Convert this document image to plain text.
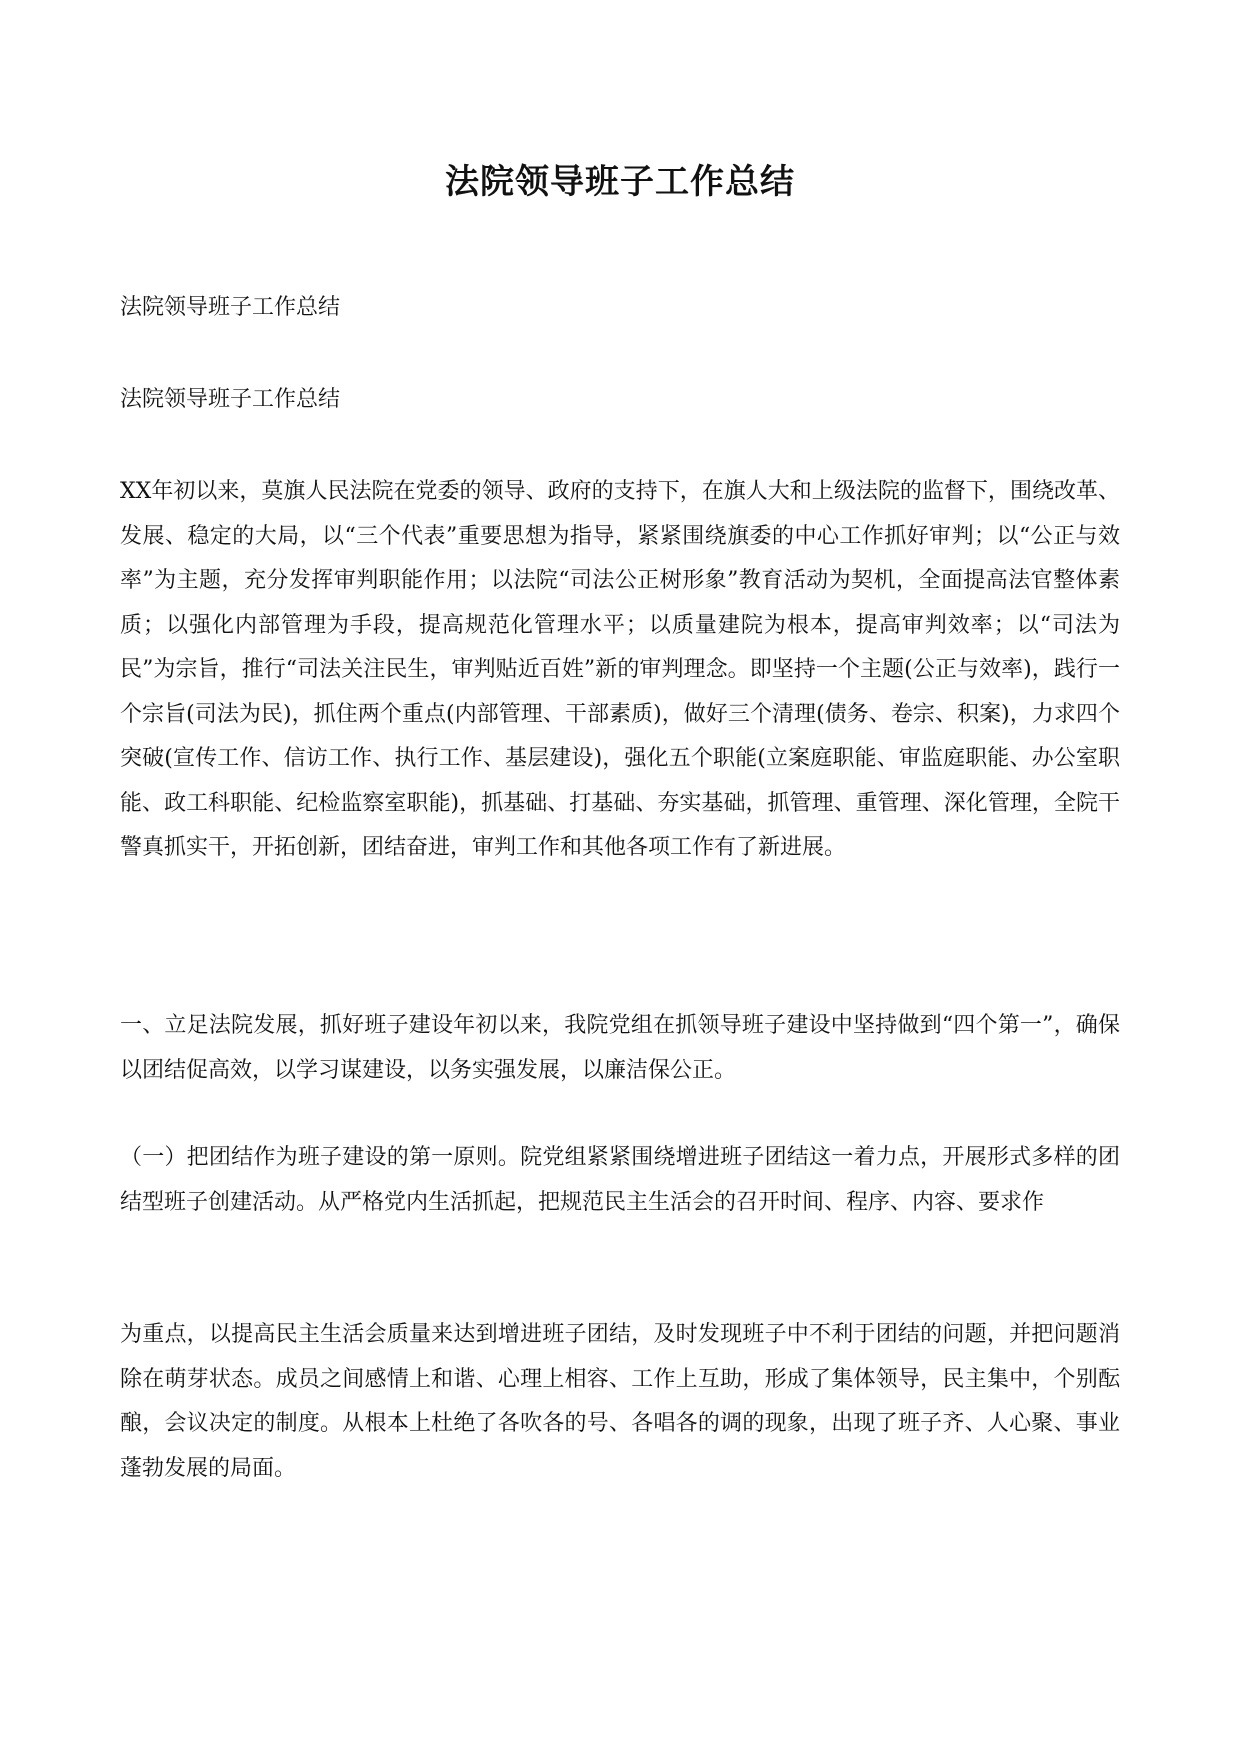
法院领导班子工作总结

法院领导班子工作总结

法院领导班子工作总结

XX年初以来，莫旗人民法院在党委的领导、政府的支持下，在旗人大和上级法院的监督下，围绕改革、发展、稳定的大局，以“三个代表”重要思想为指导，紧紧围绕旗委的中心工作抓好审判；以“公正与效率”为主题，充分发挥审判职能作用；以法院“司法公正树形象”教育活动为契机，全面提高法官整体素质；以强化内部管理为手段，提高规范化管理水平；以质量建院为根本，提高审判效率；以“司法为民”为宗旨，推行“司法关注民生，审判贴近百姓”新的审判理念。即坚持一个主题(公正与效率)，践行一个宗旨(司法为民)，抓住两个重点(内部管理、干部素质)，做好三个清理(债务、卷宗、积案)，力求四个突破(宣传工作、信访工作、执行工作、基层建设)，强化五个职能(立案庭职能、审监庭职能、办公室职能、政工科职能、纪检监察室职能)，抓基础、打基础、夯实基础，抓管理、重管理、深化管理，全院干警真抓实干，开拓创新，团结奋进，审判工作和其他各项工作有了新进展。

一、立足法院发展，抓好班子建设年初以来，我院党组在抓领导班子建设中坚持做到“四个第一”，确保以团结促高效，以学习谋建设，以务实强发展，以廉洁保公正。

（一）把团结作为班子建设的第一原则。院党组紧紧围绕增进班子团结这一着力点，开展形式多样的团结型班子创建活动。从严格党内生活抓起，把规范民主生活会的召开时间、程序、内容、要求作

为重点，以提高民主生活会质量来达到增进班子团结，及时发现班子中不利于团结的问题，并把问题消除在萌芽状态。成员之间感情上和谐、心理上相容、工作上互助，形成了集体领导，民主集中，个别酝酿，会议决定的制度。从根本上杜绝了各吹各的号、各唱各的调的现象，出现了班子齐、人心聚、事业蓬勃发展的局面。
